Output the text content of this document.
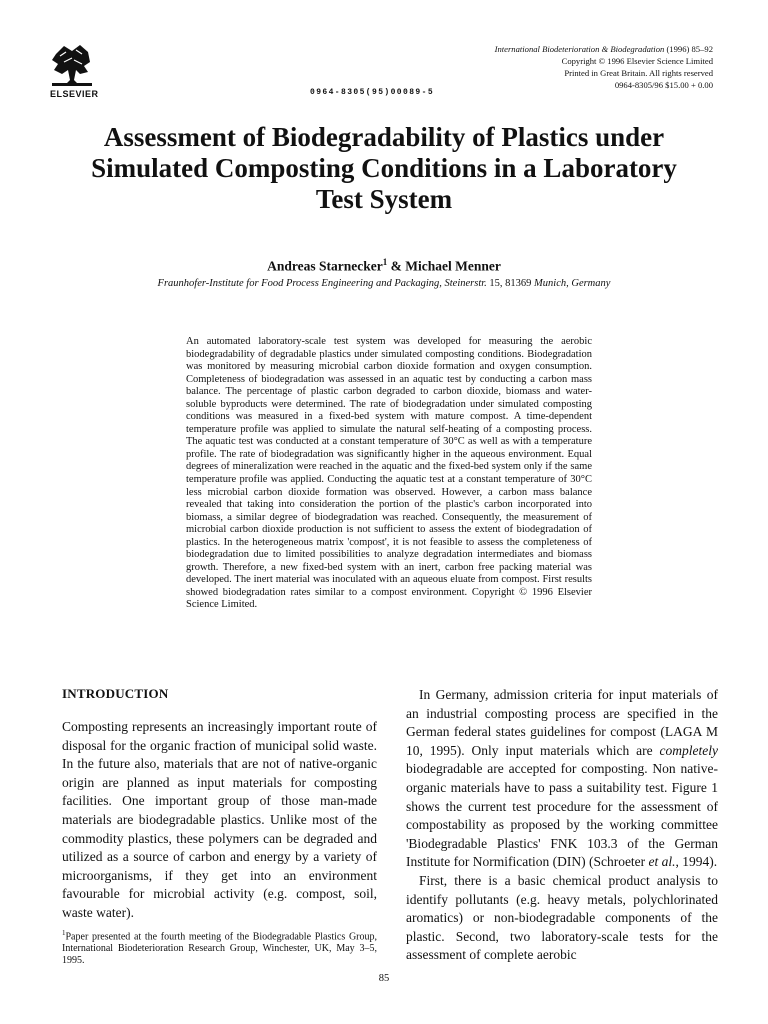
ELSEVIER	0964-8305(95)00089-5
International Biodeterioration & Biodegradation (1996) 85–92
Copyright © 1996 Elsevier Science Limited
Printed in Great Britain. All rights reserved
0964-8305/96 $15.00 + 0.00
Assessment of Biodegradability of Plastics under
Simulated Composting Conditions in a Laboratory
Test System

Andreas Starnecker$^1$ & Michael Menner

Fraunhofer-Institute for Food Process Engineering and Packaging, Steinerstr. 15, 81369 Munich, Germany

An automated laboratory-scale test system was developed for measuring the aerobic biodegradability of degradable plastics under simulated composting conditions. Biodegradation was monitored by measuring microbial carbon dioxide formation and oxygen consumption. Completeness of biodegradation was assessed in an aquatic test by conducting a carbon mass balance. The percentage of plastic carbon degraded to carbon dioxide, biomass and water-soluble byproducts were determined. The rate of biodegradation under simulated composting conditions was measured in a fixed-bed system with mature compost. A time-dependent temperature profile was applied to simulate the natural self-heating of a composting process. The aquatic test was conducted at a constant temperature of 30°C as well as with a temperature profile. The rate of biodegradation was significantly higher in the aqueous environment. Equal degrees of mineralization were reached in the aquatic and the fixed-bed system only if the same temperature profile was applied. Conducting the aquatic test at a constant temperature of 30°C less microbial carbon dioxide formation was observed. However, a carbon mass balance revealed that taking into consideration the portion of the plastic's carbon incorporated into biomass, a similar degree of biodegradation was reached. Consequently, the measurement of microbial carbon dioxide production is not sufficient to assess the extent of biodegradation of plastics. In the heterogeneous matrix 'compost', it is not feasible to assess the completeness of biodegradation due to limited possibilities to analyze degradation intermediates and biomass growth. Therefore, a new fixed-bed system with an inert, carbon free packing material was developed. The inert material was inoculated with an aqueous eluate from compost. First results showed biodegradation rates similar to a compost environment. Copyright © 1996 Elsevier Science Limited.

INTRODUCTION

Composting represents an increasingly important route of disposal for the organic fraction of municipal solid waste. In the future also, materials that are not of native-organic origin are planned as input materials for composting facilities. One important group of those man-made materials are biodegradable plastics. Unlike most of the commodity plastics, these polymers can be degraded and utilized as a source of carbon and energy by a variety of microorganisms, if they get into an environment favourable for microbial activity (e.g. compost, soil, waste water).

$^1$Paper presented at the fourth meeting of the Biodegradable Plastics Group, International Biodeterioration Research Group, Winchester, UK, May 3–5, 1995.

In Germany, admission criteria for input materials of an industrial composting process are specified in the German federal states guidelines for compost (LAGA M 10, 1995). Only input materials which are completely biodegradable are accepted for composting. Non native-organic materials have to pass a suitability test. Figure 1 shows the current test procedure for the assessment of compostability as proposed by the working committee 'Biodegradable Plastics' FNK 103.3 of the German Institute for Normification (DIN) (Schroeter et al., 1994).

First, there is a basic chemical product analysis to identify pollutants (e.g. heavy metals, polychlorinated aromatics) or non-biodegradable components of the plastic. Second, two laboratory-scale tests for the assessment of complete aerobic

85
